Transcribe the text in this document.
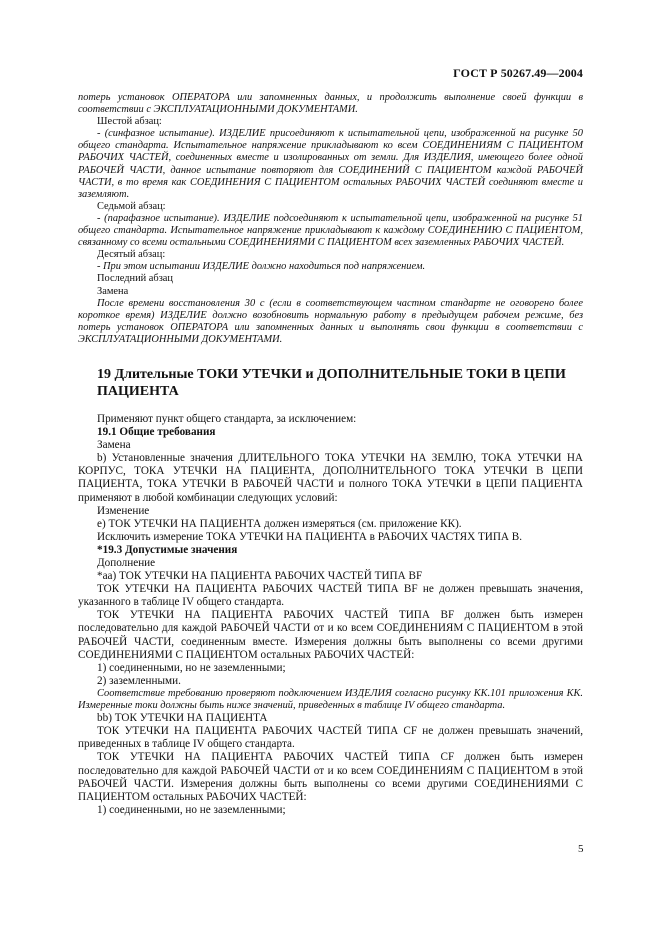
ГОСТ Р 50267.49—2004

потерь установок ОПЕРАТОРА или запомненных данных, и продолжить выполнение своей функции в соответствии с ЭКСПЛУАТАЦИОННЫМИ ДОКУМЕНТАМИ.

Шестой абзац:

- (синфазное испытание). ИЗДЕЛИЕ присоединяют к испытательной цепи, изображенной на рисунке 50 общего стандарта. Испытательное напряжение прикладывают ко всем СОЕДИНЕНИЯМ С ПАЦИЕНТОМ РАБОЧИХ ЧАСТЕЙ, соединенных вместе и изолированных от земли. Для ИЗДЕЛИЯ, имеющего более одной РАБОЧЕЙ ЧАСТИ, данное испытание повторяют для СОЕДИНЕНИЙ С ПАЦИЕНТОМ каждой РАБОЧЕЙ ЧАСТИ, в то время как СОЕДИНЕНИЯ С ПАЦИЕНТОМ остальных РАБОЧИХ ЧАСТЕЙ соединяют вместе и заземляют.

Седьмой абзац:

- (парафазное испытание). ИЗДЕЛИЕ подсоединяют к испытательной цепи, изображенной на рисунке 51 общего стандарта. Испытательное напряжение прикладывают к каждому СОЕДИНЕНИЮ С ПАЦИЕНТОМ, связанному со всеми остальными СОЕДИНЕНИЯМИ С ПАЦИЕНТОМ всех заземленных РАБОЧИХ ЧАСТЕЙ.

Десятый абзац:

- При этом испытании ИЗДЕЛИЕ должно находиться под напряжением.

Последний абзац

Замена

После времени восстановления 30 с (если в соответствующем частном стандарте не оговорено более короткое время) ИЗДЕЛИЕ должно возобновить нормальную работу в предыдущем рабочем режиме, без потерь установок ОПЕРАТОРА или запомненных данных и выполнять свои функции в соответствии с ЭКСПЛУАТАЦИОННЫМИ ДОКУМЕНТАМИ.

19 Длительные ТОКИ УТЕЧКИ и ДОПОЛНИТЕЛЬНЫЕ ТОКИ В ЦЕПИ ПАЦИЕНТА

Применяют пункт общего стандарта, за исключением:

19.1 Общие требования

Замена

b) Установленные значения ДЛИТЕЛЬНОГО ТОКА УТЕЧКИ НА ЗЕМЛЮ, ТОКА УТЕЧКИ НА КОРПУС, ТОКА УТЕЧКИ НА ПАЦИЕНТА, ДОПОЛНИТЕЛЬНОГО ТОКА УТЕЧКИ В ЦЕПИ ПАЦИЕНТА, ТОКА УТЕЧКИ В РАБОЧЕЙ ЧАСТИ и полного ТОКА УТЕЧКИ в ЦЕПИ ПАЦИЕНТА применяют в любой комбинации следующих условий:

Изменение

e) ТОК УТЕЧКИ НА ПАЦИЕНТА должен измеряться (см. приложение КК).

Исключить измерение ТОКА УТЕЧКИ НА ПАЦИЕНТА в РАБОЧИХ ЧАСТЯХ ТИПА В.

*19.3 Допустимые значения

Дополнение

*аа) ТОК УТЕЧКИ НА ПАЦИЕНТА РАБОЧИХ ЧАСТЕЙ ТИПА BF

ТОК УТЕЧКИ НА ПАЦИЕНТА РАБОЧИХ ЧАСТЕЙ ТИПА BF не должен превышать значения, указанного в таблице IV общего стандарта.

ТОК УТЕЧКИ НА ПАЦИЕНТА РАБОЧИХ ЧАСТЕЙ ТИПА BF должен быть измерен последовательно для каждой РАБОЧЕЙ ЧАСТИ от и ко всем СОЕДИНЕНИЯМ С ПАЦИЕНТОМ в этой РАБОЧЕЙ ЧАСТИ, соединенным вместе. Измерения должны быть выполнены со всеми другими СОЕДИНЕНИЯМИ С ПАЦИЕНТОМ остальных РАБОЧИХ ЧАСТЕЙ:

1) соединенными, но не заземленными;

2) заземленными.

Соответствие требованию проверяют подключением ИЗДЕЛИЯ согласно рисунку КК.101 приложения КК. Измеренные токи должны быть ниже значений, приведенных в таблице IV общего стандарта.

bb) ТОК УТЕЧКИ НА ПАЦИЕНТА

ТОК УТЕЧКИ НА ПАЦИЕНТА РАБОЧИХ ЧАСТЕЙ ТИПА CF не должен превышать значений, приведенных в таблице IV общего стандарта.

ТОК УТЕЧКИ НА ПАЦИЕНТА РАБОЧИХ ЧАСТЕЙ ТИПА CF должен быть измерен последовательно для каждой РАБОЧЕЙ ЧАСТИ от и ко всем СОЕДИНЕНИЯМ С ПАЦИЕНТОМ в этой РАБОЧЕЙ ЧАСТИ. Измерения должны быть выполнены со всеми другими СОЕДИНЕНИЯМИ С ПАЦИЕНТОМ остальных РАБОЧИХ ЧАСТЕЙ:

1) соединенными, но не заземленными;

5
